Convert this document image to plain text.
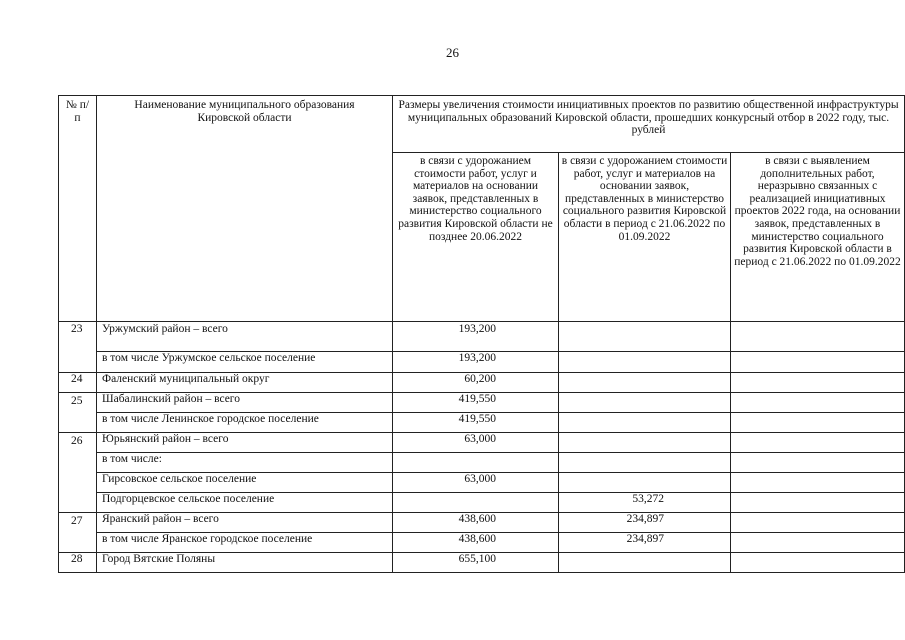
26
№ п/п	Наименование муниципального образования Кировской области	Размеры увеличения стоимости инициативных проектов по развитию общественной инфраструктуры муниципальных образований Кировской области, прошедших конкурсный отбор в 2022 году, тыс. рублей		
		в связи с удорожанием стоимости работ, услуг и материалов на основании заявок, представленных в министерство социального развития Кировской области не позднее 20.06.2022	в связи с удорожанием стоимости работ, услуг и материалов на основании заявок, представленных в министерство социального развития Кировской области в период с 21.06.2022 по 01.09.2022	в связи с выявлением дополнительных работ, неразрывно связанных с реализацией инициативных проектов 2022 года, на основании заявок, представленных в министерство социального развития Кировской области в период с 21.06.2022 по 01.09.2022
23	Уржумский район – всего	193,200		
	в том числе Уржумское сельское поселение	193,200		
24	Фаленский муниципальный округ	60,200		
25	Шабалинский район – всего	419,550		
	в том числе Ленинское городское поселение	419,550		
26	Юрьянский район – всего	63,000		
	в том числе:			
	Гирсовское сельское поселение	63,000		
	Подгорцевское сельское поселение		53,272	
27	Яранский район – всего	438,600	234,897	
	в том числе Яранское городское поселение	438,600	234,897	
28	Город Вятские Поляны	655,100		
